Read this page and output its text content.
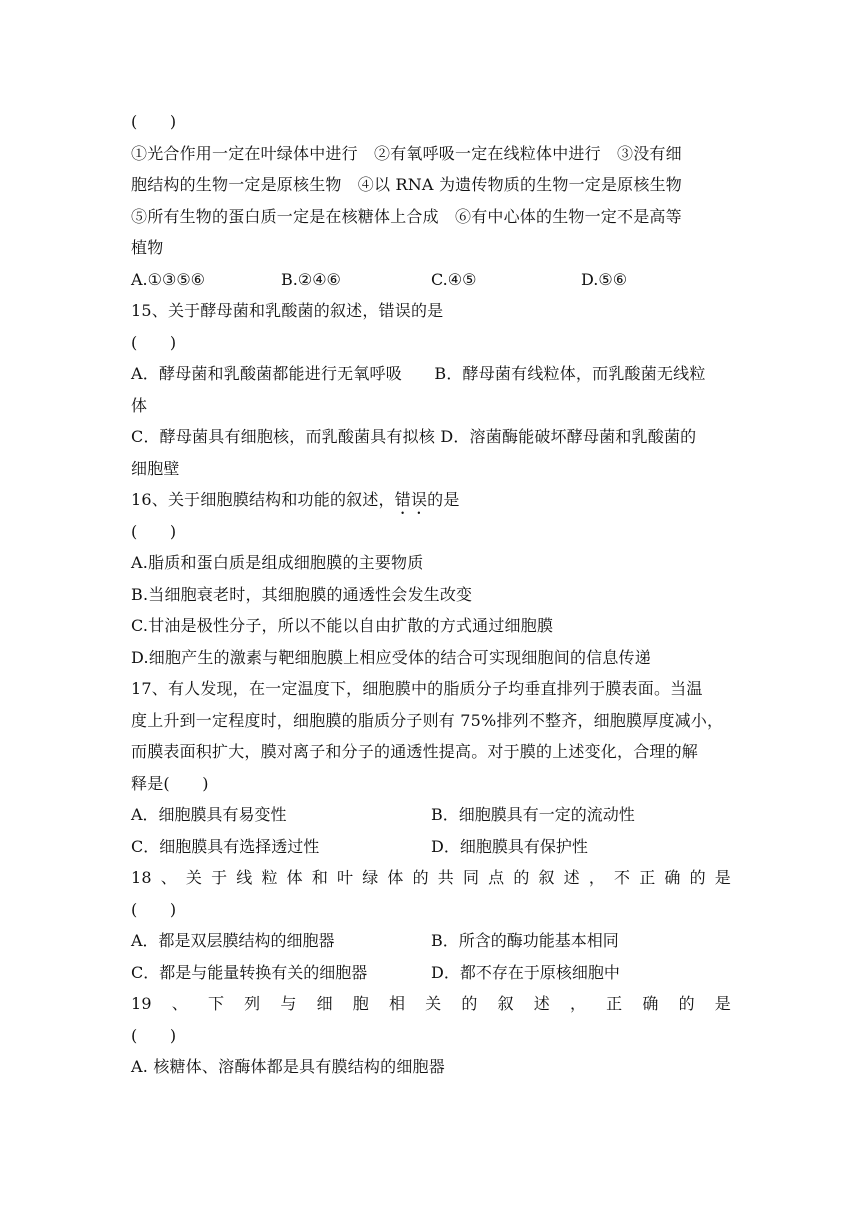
(　　)
①光合作用一定在叶绿体中进行　②有氧呼吸一定在线粒体中进行　③没有细
胞结构的生物一定是原核生物　④以 RNA 为遗传物质的生物一定是原核生物
⑤所有生物的蛋白质一定是在核糖体上合成　⑥有中心体的生物一定不是高等
植物
A.①③⑤⑥	B.②④⑥	C.④⑤	D.⑤⑥
15、关于酵母菌和乳酸菌的叙述，错误的是
(　　)
A．酵母菌和乳酸菌都能进行无氧呼吸　　B．酵母菌有线粒体，而乳酸菌无线粒
体
C．酵母菌具有细胞核，而乳酸菌具有拟核 D．溶菌酶能破坏酵母菌和乳酸菌的
细胞壁
16、关于细胞膜结构和功能的叙述，错误的是
(　　)
A.脂质和蛋白质是组成细胞膜的主要物质
B.当细胞衰老时，其细胞膜的通透性会发生改变
C.甘油是极性分子，所以不能以自由扩散的方式通过细胞膜
D.细胞产生的激素与靶细胞膜上相应受体的结合可实现细胞间的信息传递
17、有人发现，在一定温度下，细胞膜中的脂质分子均垂直排列于膜表面。当温
度上升到一定程度时，细胞膜的脂质分子则有 75%排列不整齐，细胞膜厚度减小，
而膜表面积扩大，膜对离子和分子的通透性提高。对于膜的上述变化，合理的解
释是(　　)
A．细胞膜具有易变性	B．细胞膜具有一定的流动性
C．细胞膜具有选择透过性	D．细胞膜具有保护性
18、关于线粒体和叶绿体的共同点的叙述，不正确的是
(　　)
A．都是双层膜结构的细胞器	B．所含的酶功能基本相同
C．都是与能量转换有关的细胞器	D．都不存在于原核细胞中
19、下列与细胞相关的叙述，正确的是
(　　)
A. 核糖体、溶酶体都是具有膜结构的细胞器
